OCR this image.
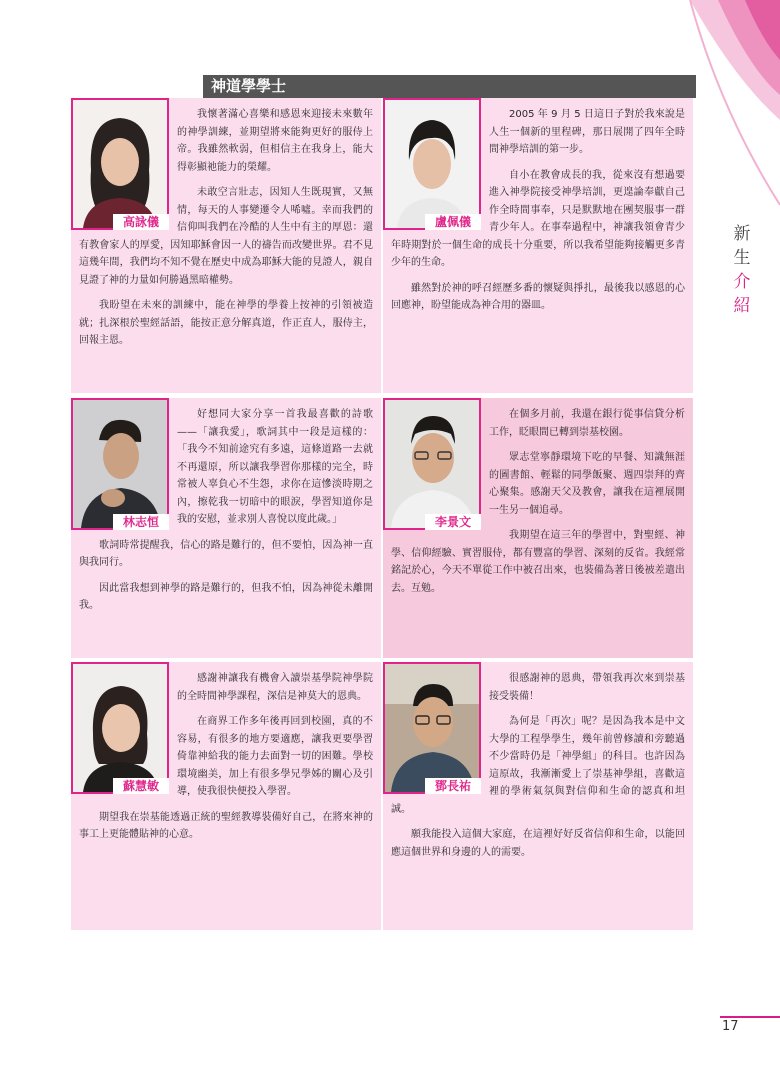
新
生
介
紹
神道學學士

我懷著滿心喜樂和感恩來迎接未來數年的神學訓練，並期望將來能夠更好的服侍上帝。我雖然軟弱，但相信主在我身上，能大得彰顯祂能力的榮耀。

未敢空言壯志，因知人生既現實，又無情，每天的人事變遷令人唏噓。幸而我們的信仰叫我們在冷酷的人生中有主的厚恩：還有教會家人的厚愛，因知耶穌會因一人的禱告而改變世界。君不見這幾年間，我們均不知不覺在歷史中成為耶穌大能的見證人，親自見證了神的力量如何勝過黑暗權勢。

我盼望在未來的訓練中，能在神學的學養上按神的引領被造就；扎深根於聖經話語，能按正意分解真道，作正直人，服侍主，回報主恩。

高詠儀

2005 年 9 月 5 日這日子對於我來說是人生一個新的里程碑，那日展開了四年全時間神學培訓的第一步。

自小在教會成長的我，從來沒有想過要進入神學院接受神學培訓，更遑論奉獻自己作全時間事奉，只是默默地在團契服事一群青少年人。在事奉過程中，神讓我領會青少年時期對於一個生命的成長十分重要，所以我希望能夠接觸更多青少年的生命。

雖然對於神的呼召經歷多番的懷疑與掙扎，最後我以感恩的心回應神，盼望能成為神合用的器皿。

盧佩儀

好想同大家分享一首我最喜歡的詩歌——「讓我愛」，歌詞其中一段是這樣的：「我今不知前途究有多遠，這條道路一去就不再還原，所以讓我學習你那樣的完全，時常被人辜負心不生怨，求你在這慘淡時期之內，擦乾我一切暗中的眼淚，學習知道你是我的安慰，並求別人喜悅以度此歲。」

歌詞時常提醒我，信心的路是難行的，但不要怕，因為神一直與我同行。

因此當我想到神學的路是難行的，但我不怕，因為神從未離開我。

林志恒

在個多月前，我還在銀行從事信貸分析工作，眨眼間已轉到崇基校園。

眾志堂寧靜環境下吃的早餐、知識無涯的圖書館、輕鬆的同學飯聚、週四崇拜的齊心聚集。感謝天父及教會，讓我在這裡展開一生另一個追尋。

我期望在這三年的學習中，對聖經、神學、信仰經驗、實習服侍，都有豐富的學習、深刻的反省。我經常銘記於心，今天不單從工作中被召出來，也裝備為著日後被差遣出去。互勉。

李景文

感謝神讓我有機會入讀崇基學院神學院的全時間神學課程，深信是神莫大的恩典。

在商界工作多年後再回到校園，真的不容易，有很多的地方要適應，讓我更要學習倚靠神給我的能力去面對一切的困難。學校環境幽美，加上有很多學兄學姊的關心及引導，使我很快便投入學習。

期望我在崇基能透過正統的聖經教導裝備好自己，在將來神的事工上更能體貼神的心意。

蘇慧敏

很感謝神的恩典，帶領我再次來到崇基接受裝備！

為何是「再次」呢？是因為我本是中文大學的工程學學生，幾年前曾修讀和旁聽過不少當時仍是「神學組」的科目。也許因為這原故，我漸漸愛上了崇基神學組，喜歡這裡的學術氣氛與對信仰和生命的認真和坦誠。

願我能投入這個大家庭，在這裡好好反省信仰和生命，以能回應這個世界和身邊的人的需要。

鄧長祐
17
